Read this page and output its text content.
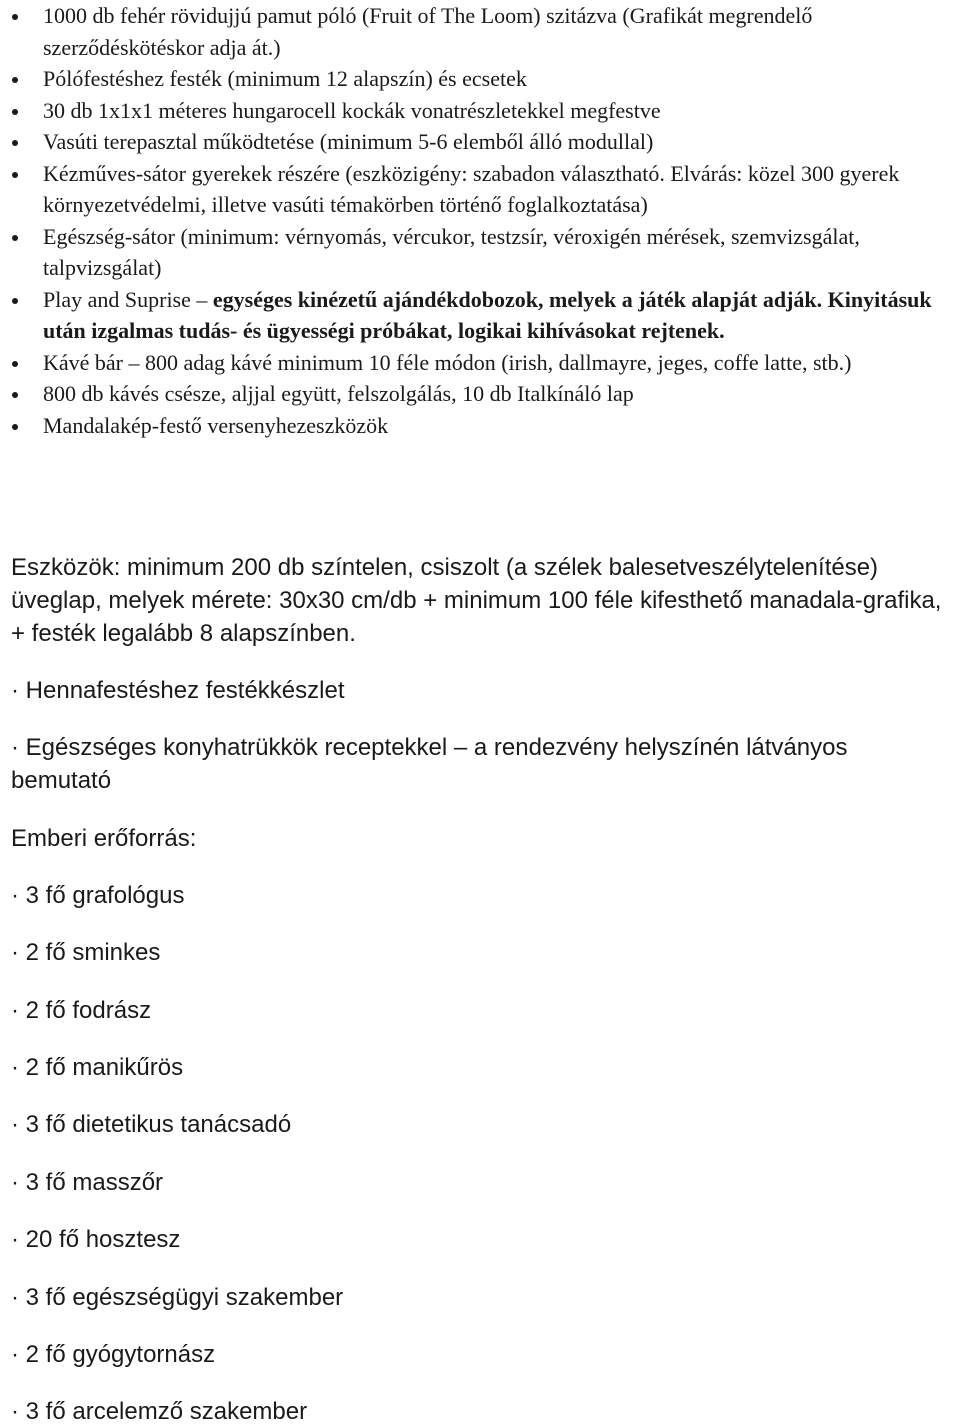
1000 db fehér rövidujjú pamut póló (Fruit of The Loom) szitázva (Grafikát megrendelő szerződéskötéskor adja át.)
Pólófestéshez festék (minimum 12 alapszín) és ecsetek
30 db 1x1x1 méteres hungarocell kockák vonatrészletekkel megfestve
Vasúti terepasztal működtetése (minimum 5-6 elemből álló modullal)
Kézműves-sátor gyerekek részére (eszközigény: szabadon választható. Elvárás: közel 300 gyerek környezetvédelmi, illetve vasúti témakörben történő foglalkoztatása)
Egészség-sátor (minimum: vérnyomás, vércukor, testzsír, véroxigén mérések, szemvizsgálat, talpvizsgálat)
Play and Suprise – egységes kinézetű ajándékdobozok, melyek a játék alapját adják. Kinyitásuk után izgalmas tudás- és ügyességi próbákat, logikai kihívásokat rejtenek.
Kávé bár – 800 adag kávé minimum 10 féle módon (irish, dallmayre, jeges, coffe latte, stb.)
800 db kávés csésze, aljjal együtt, felszolgálás, 10 db Italkínáló lap
Mandalakép-festő versenyhezeszközök
Eszközök: minimum 200 db színtelen, csiszolt (a szélek balesetveszélytelenítése) üveglap, melyek mérete: 30x30 cm/db + minimum 100 féle kifesthető manadala-grafika, + festék legalább 8 alapszínben.
· Hennafestéshez festékkészlet
· Egészséges konyhatrükkök receptekkel – a rendezvény helyszínén látványos bemutató
Emberi erőforrás:
· 3 fő grafológus
· 2 fő sminkes
· 2 fő fodrász
· 2 fő manikűrös
· 3 fő dietetikus tanácsadó
· 3 fő masszőr
· 20 fő hosztesz
· 3 fő egészségügyi szakember
· 2 fő gyógytornász
· 3 fő arcelemző szakember
